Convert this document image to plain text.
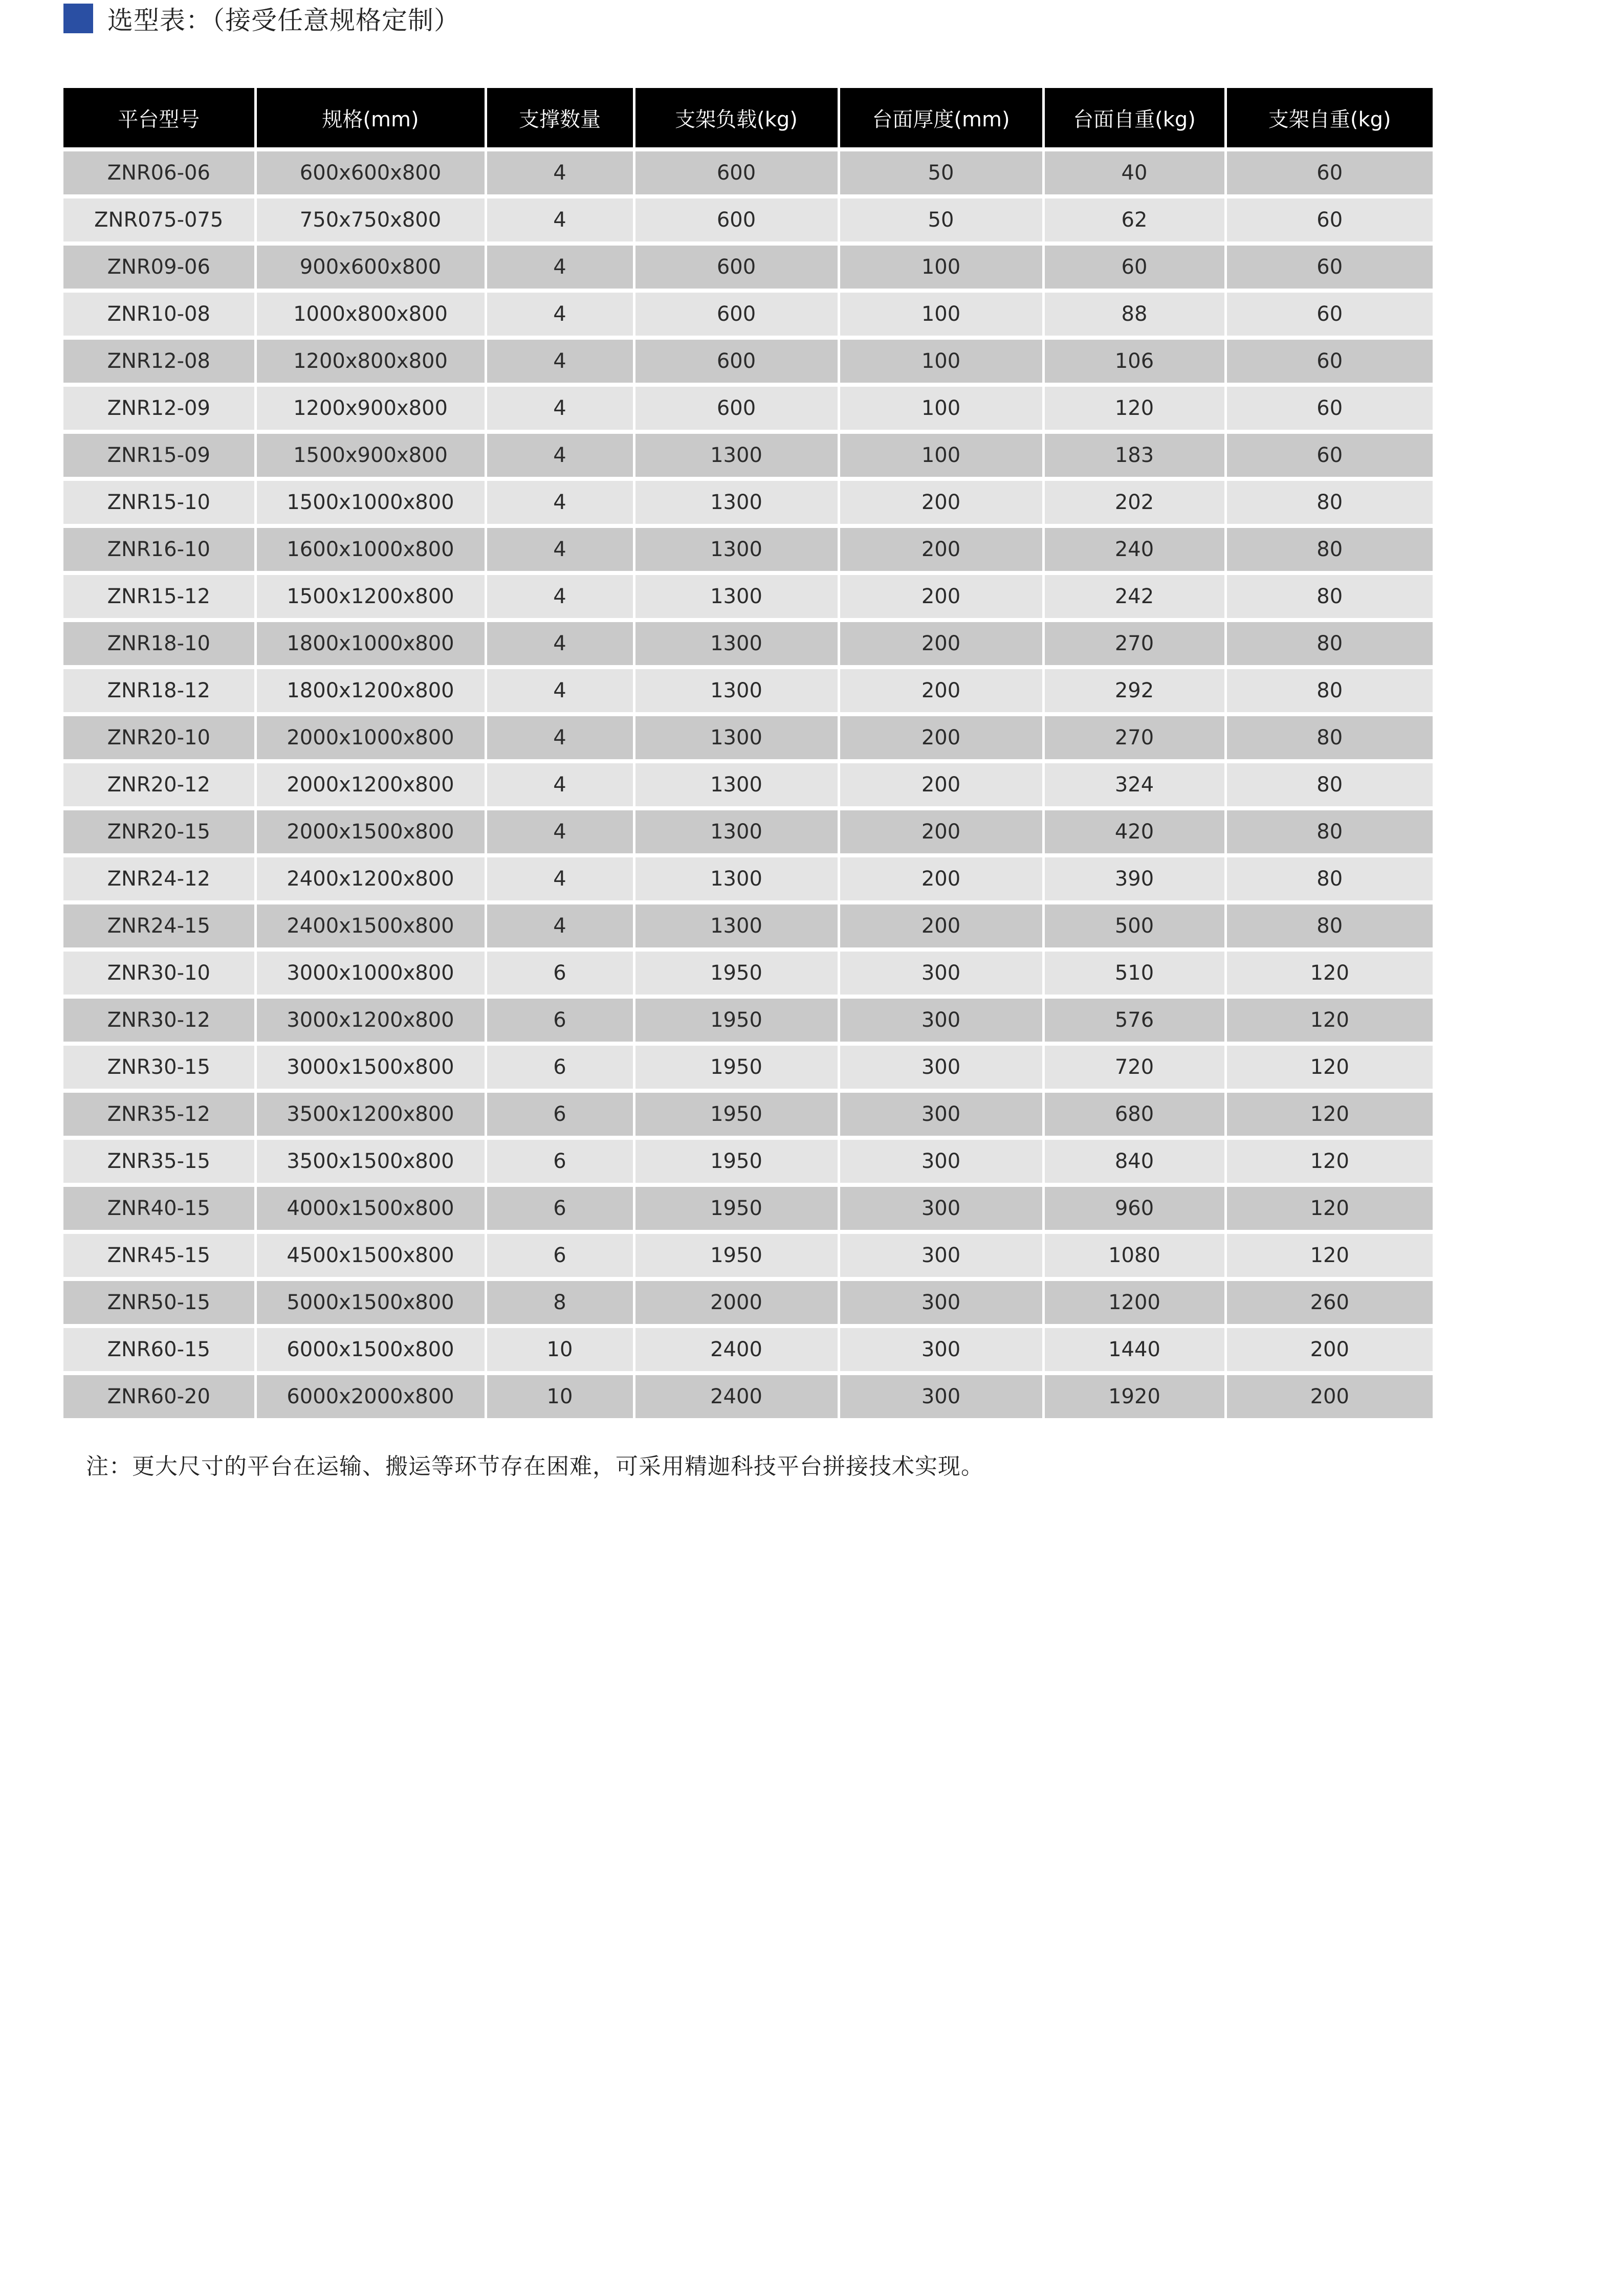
选型表：（接受任意规格定制）
平台型号	规格(mm)	支撑数量	支架负载(kg)	台面厚度(mm)	台面自重(kg)	支架自重(kg)
ZNR06-06	600x600x800	4	600	50	40	60
ZNR075-075	750x750x800	4	600	50	62	60
ZNR09-06	900x600x800	4	600	100	60	60
ZNR10-08	1000x800x800	4	600	100	88	60
ZNR12-08	1200x800x800	4	600	100	106	60
ZNR12-09	1200x900x800	4	600	100	120	60
ZNR15-09	1500x900x800	4	1300	100	183	60
ZNR15-10	1500x1000x800	4	1300	200	202	80
ZNR16-10	1600x1000x800	4	1300	200	240	80
ZNR15-12	1500x1200x800	4	1300	200	242	80
ZNR18-10	1800x1000x800	4	1300	200	270	80
ZNR18-12	1800x1200x800	4	1300	200	292	80
ZNR20-10	2000x1000x800	4	1300	200	270	80
ZNR20-12	2000x1200x800	4	1300	200	324	80
ZNR20-15	2000x1500x800	4	1300	200	420	80
ZNR24-12	2400x1200x800	4	1300	200	390	80
ZNR24-15	2400x1500x800	4	1300	200	500	80
ZNR30-10	3000x1000x800	6	1950	300	510	120
ZNR30-12	3000x1200x800	6	1950	300	576	120
ZNR30-15	3000x1500x800	6	1950	300	720	120
ZNR35-12	3500x1200x800	6	1950	300	680	120
ZNR35-15	3500x1500x800	6	1950	300	840	120
ZNR40-15	4000x1500x800	6	1950	300	960	120
ZNR45-15	4500x1500x800	6	1950	300	1080	120
ZNR50-15	5000x1500x800	8	2000	300	1200	260
ZNR60-15	6000x1500x800	10	2400	300	1440	200
ZNR60-20	6000x2000x800	10	2400	300	1920	200
注：更大尺寸的平台在运输、搬运等环节存在困难，可采用精迦科技平台拼接技术实现。
